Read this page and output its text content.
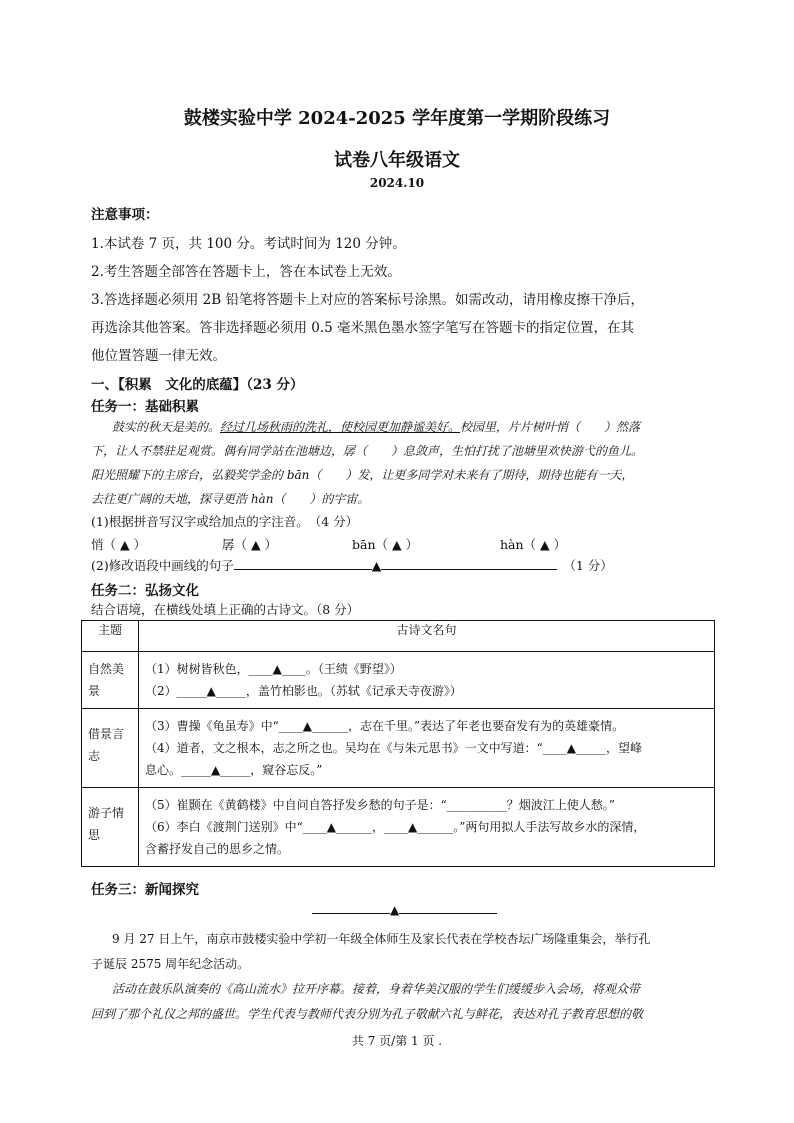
鼓楼实验中学 2024-2025 学年度第一学期阶段练习
试卷八年级语文
2024.10
注意事项：
1.本试卷 7 页，共 100 分。考试时间为 120 分钟。
2.考生答题全部答在答题卡上，答在本试卷上无效。
3.答选择题必须用 2B 铅笔将答题卡上对应的答案标号涂黑。如需改动，请用橡皮擦干净后，
再选涂其他答案。答非选择题必须用 0.5 毫米黑色墨水签字笔写在答题卡的指定位置，在其
他位置答题一律无效。
一、【积累　文化的底蕴】（23 分）
任务一：基础积累
鼓实的秋天是美的。经过几场秋雨的洗礼，使校园更加静谧美好。校园里，片片树叶悄（　　）然落
下，让人不禁驻足观赏。偶有同学站在池塘边，孱（　　）息敛声，生怕打扰了池塘里欢快游弋的鱼儿。
阳光照耀下的主席台，弘毅奖学金的 bān（　　）发，让更多同学对未来有了期待，期待也能有一天，
去往更广阔的天地，探寻更浩 hàn（　　）的宇宙。
(1)根据拼音写汉字或给加点的字注音。　（4 分）
悄（ ▲ ）	孱（ ▲ ）	bān（ ▲ ）	hàn（ ▲ ）
(2)修改语段中画线的句子	▲	（1 分）
任务二：弘扬文化
结合语境，在横线处填上正确的古诗文。（8 分）
主题	古诗文名句

自然美景	（1）树树皆秋色，____▲____。（王绩《野望》）
（2）_____▲_____，盖竹柏影也。（苏轼《记承天寺夜游》）

借景言志	（3）曹操《龟虽寿》中“____▲______，志在千里。”表达了年老也要奋发有为的英雄豪情。
（4）道者，文之根本，志之所之也。吴均在《与朱元思书》一文中写道：“____▲_____，望峰
息心。_____▲_____，窥谷忘反。”

游子情思	（5）崔颢在《黄鹤楼》中自问自答抒发乡愁的句子是：“__________？烟波江上使人愁。”
（6）李白《渡荆门送别》中“____▲______，____▲______。”两句用拟人手法写故乡水的深情，
含蓄抒发自己的思乡之情。
任务三：新闻探究
▲
9 月 27 日上午，南京市鼓楼实验中学初一年级全体师生及家长代表在学校杏坛广场隆重集会，举行孔
子诞辰 2575 周年纪念活动。
活动在鼓乐队演奏的《高山流水》拉开序幕。接着，身着华美汉服的学生们缓缓步入会场，将观众带
回到了那个礼仪之邦的盛世。学生代表与教师代表分别为孔子敬献六礼与鲜花，表达对孔子教育思想的敬
共 7 页/第 1 页 .
